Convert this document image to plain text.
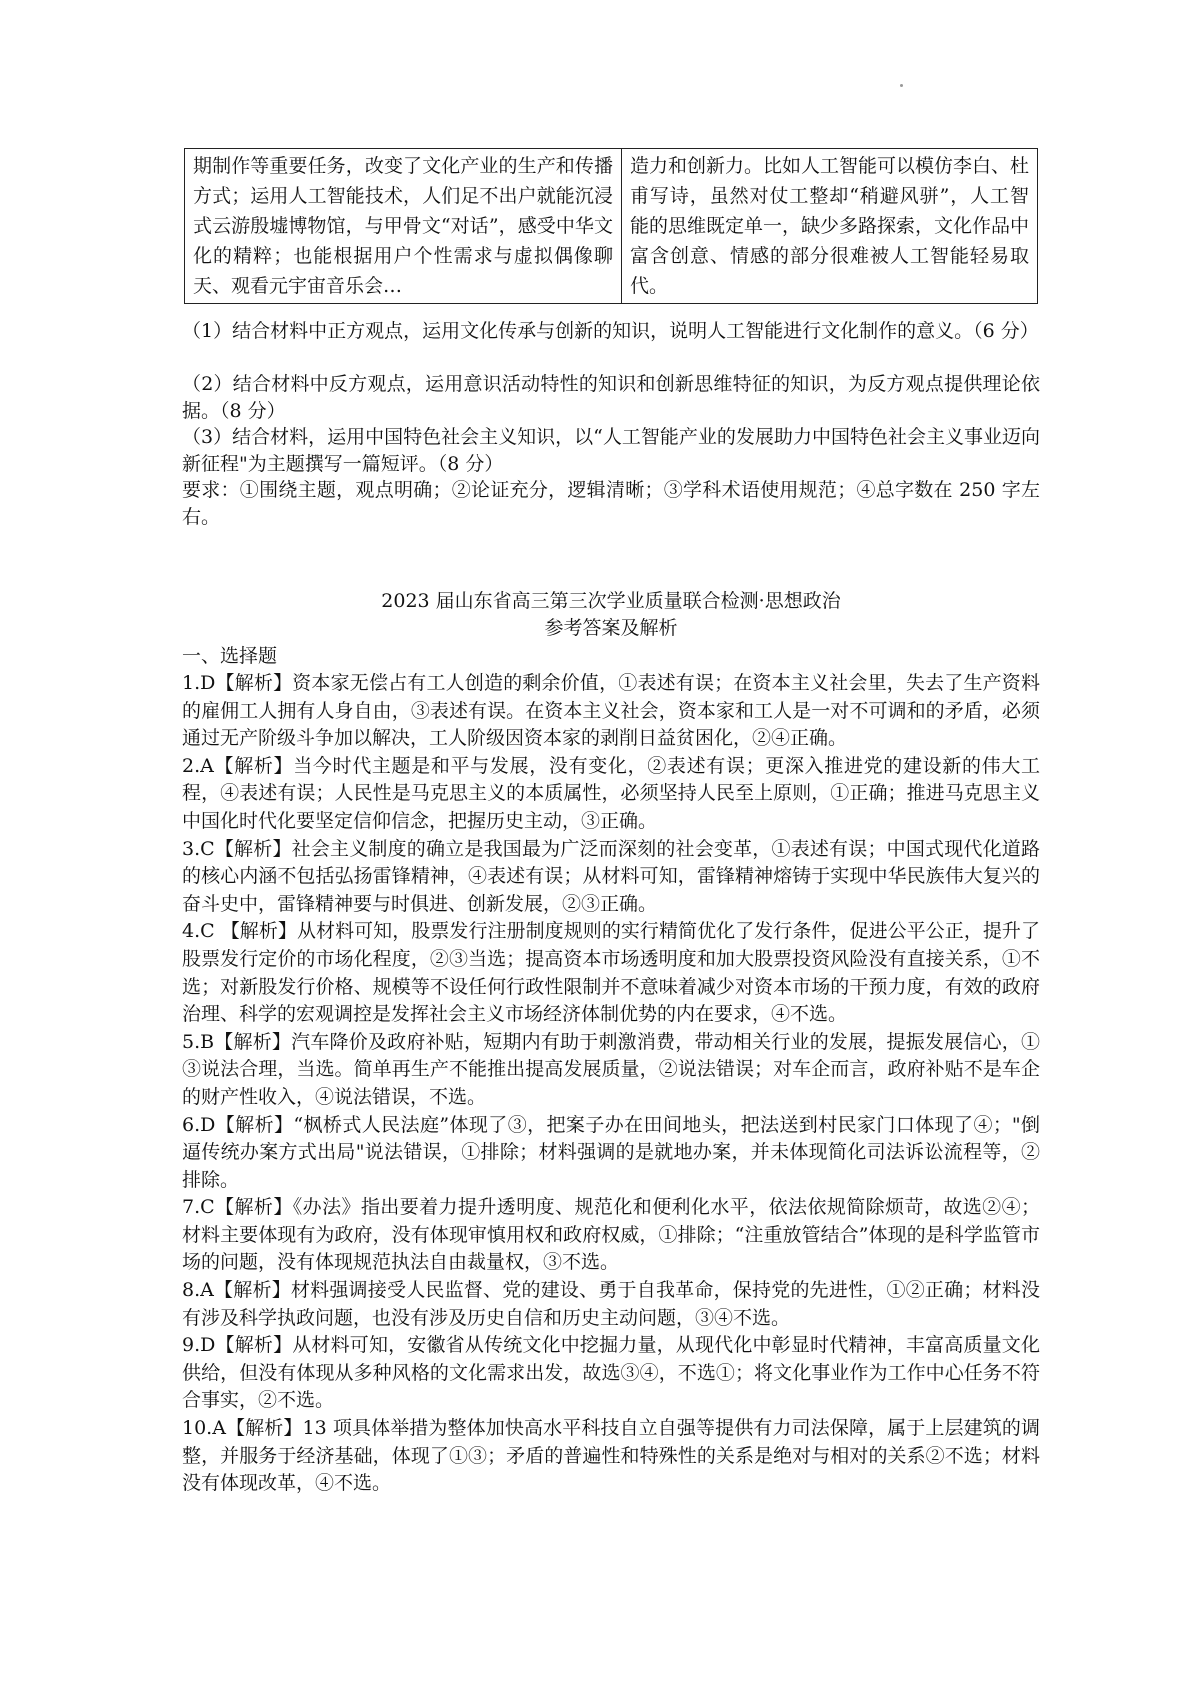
期制作等重要任务，改变了文化产业的生产和传播方式；运用人工智能技术，人们足不出户就能沉浸式云游殷墟博物馆，与甲骨文“对话”，感受中华文化的精粹；也能根据用户个性需求与虚拟偶像聊天、观看元宇宙音乐会…	造力和创新力。比如人工智能可以模仿李白、杜甫写诗，虽然对仗工整却“稍避风骈”，人工智能的思维既定单一，缺少多路探索，文化作品中富含创意、情感的部分很难被人工智能轻易取代。
（1）结合材料中正方观点，运用文化传承与创新的知识，说明人工智能进行文化制作的意义。（6 分）
（2）结合材料中反方观点，运用意识活动特性的知识和创新思维特征的知识，为反方观点提供理论依据。（8 分）
（3）结合材料，运用中国特色社会主义知识，以“人工智能产业的发展助力中国特色社会主义事业迈向新征程"为主题撰写一篇短评。（8 分）
要求：①围绕主题，观点明确；②论证充分，逻辑清晰；③学科术语使用规范；④总字数在 250 字左右。
2023 届山东省高三第三次学业质量联合检测·思想政治
参考答案及解析
一、选择题

1.D【解析】资本家无偿占有工人创造的剩余价值，①表述有误；在资本主义社会里，失去了生产资料的雇佣工人拥有人身自由，③表述有误。在资本主义社会，资本家和工人是一对不可调和的矛盾，必须通过无产阶级斗争加以解决，工人阶级因资本家的剥削日益贫困化，②④正确。

2.A【解析】当今时代主题是和平与发展，没有变化，②表述有误；更深入推进党的建设新的伟大工程，④表述有误；人民性是马克思主义的本质属性，必须坚持人民至上原则，①正确；推进马克思主义中国化时代化要坚定信仰信念，把握历史主动，③正确。

3.C【解析】社会主义制度的确立是我国最为广泛而深刻的社会变革，①表述有误；中国式现代化道路的核心内涵不包括弘扬雷锋精神，④表述有误；从材料可知，雷锋精神熔铸于实现中华民族伟大复兴的奋斗史中，雷锋精神要与时俱进、创新发展，②③正确。

4.C 【解析】从材料可知，股票发行注册制度规则的实行精简优化了发行条件，促进公平公正，提升了股票发行定价的市场化程度，②③当选；提高资本市场透明度和加大股票投资风险没有直接关系，①不选；对新股发行价格、规模等不设任何行政性限制并不意味着减少对资本市场的干预力度，有效的政府治理、科学的宏观调控是发挥社会主义市场经济体制优势的内在要求，④不选。

5.B【解析】汽车降价及政府补贴，短期内有助于刺激消费，带动相关行业的发展，提振发展信心，①③说法合理，当选。简单再生产不能推出提高发展质量，②说法错误；对车企而言，政府补贴不是车企的财产性收入，④说法错误，不选。

6.D【解析】“枫桥式人民法庭”体现了③，把案子办在田间地头，把法送到村民家门口体现了④；"倒逼传统办案方式出局"说法错误，①排除；材料强调的是就地办案，并未体现简化司法诉讼流程等，②排除。

7.C【解析】《办法》指出要着力提升透明度、规范化和便利化水平，依法依规简除烦苛，故选②④；材料主要体现有为政府，没有体现审慎用权和政府权威，①排除；“注重放管结合”体现的是科学监管市场的问题，没有体现规范执法自由裁量权，③不选。

8.A【解析】材料强调接受人民监督、党的建设、勇于自我革命，保持党的先进性，①②正确；材料没有涉及科学执政问题，也没有涉及历史自信和历史主动问题，③④不选。

9.D【解析】从材料可知，安徽省从传统文化中挖掘力量，从现代化中彰显时代精神，丰富高质量文化供给，但没有体现从多种风格的文化需求出发，故选③④，不选①；将文化事业作为工作中心任务不符合事实，②不选。

10.A【解析】13 项具体举措为整体加快高水平科技自立自强等提供有力司法保障，属于上层建筑的调整，并服务于经济基础，体现了①③；矛盾的普遍性和特殊性的关系是绝对与相对的关系②不选；材料没有体现改革，④不选。
